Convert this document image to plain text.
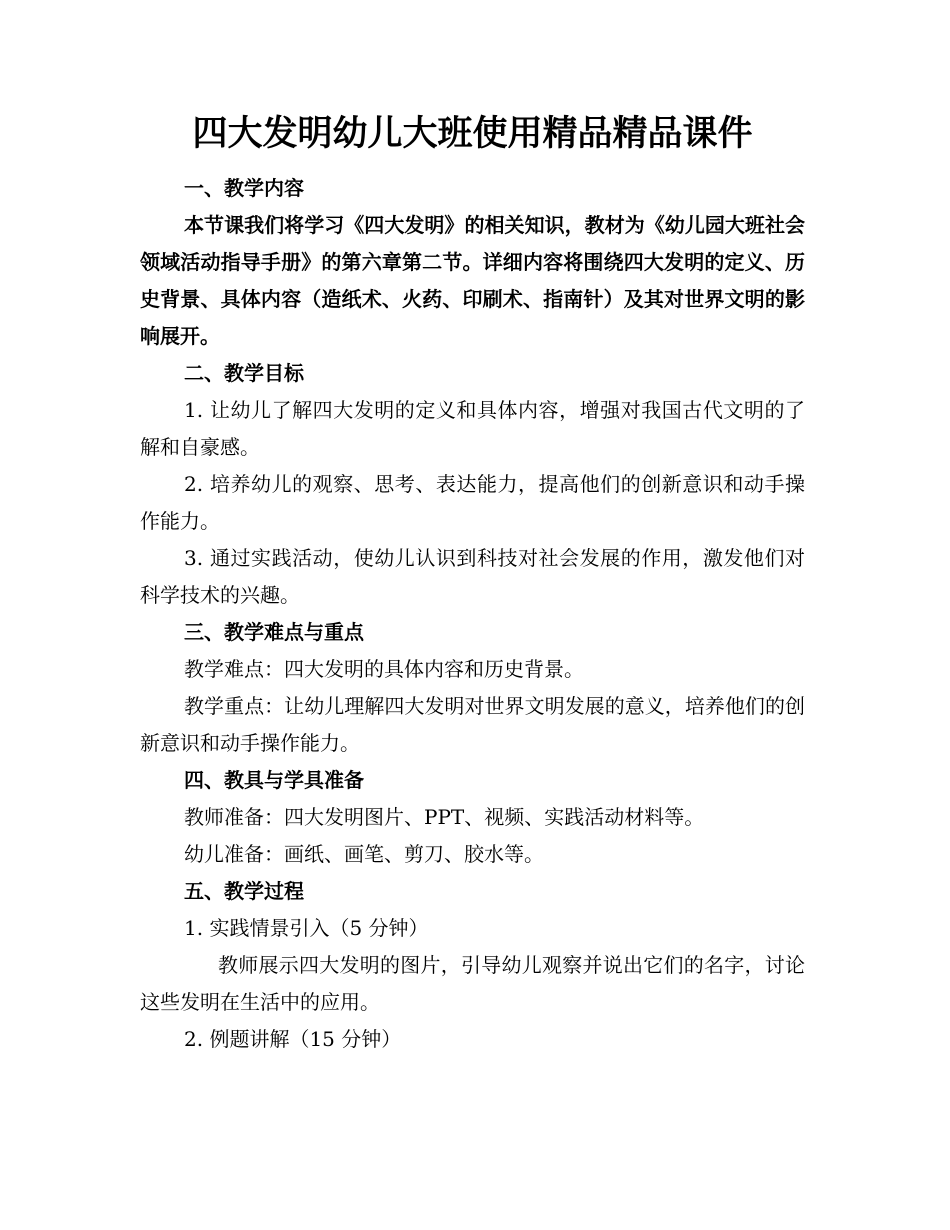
四大发明幼儿大班使用精品精品课件

一、教学内容

本节课我们将学习《四大发明》的相关知识，教材为《幼儿园大班社会领域活动指导手册》的第六章第二节。详细内容将围绕四大发明的定义、历史背景、具体内容（造纸术、火药、印刷术、指南针）及其对世界文明的影响展开。

二、教学目标

1. 让幼儿了解四大发明的定义和具体内容，增强对我国古代文明的了解和自豪感。

2. 培养幼儿的观察、思考、表达能力，提高他们的创新意识和动手操作能力。

3. 通过实践活动，使幼儿认识到科技对社会发展的作用，激发他们对科学技术的兴趣。

三、教学难点与重点

教学难点：四大发明的具体内容和历史背景。

教学重点：让幼儿理解四大发明对世界文明发展的意义，培养他们的创新意识和动手操作能力。

四、教具与学具准备

教师准备：四大发明图片、PPT、视频、实践活动材料等。

幼儿准备：画纸、画笔、剪刀、胶水等。

五、教学过程

1. 实践情景引入（5 分钟）

教师展示四大发明的图片，引导幼儿观察并说出它们的名字，讨论这些发明在生活中的应用。

2. 例题讲解（15 分钟）
